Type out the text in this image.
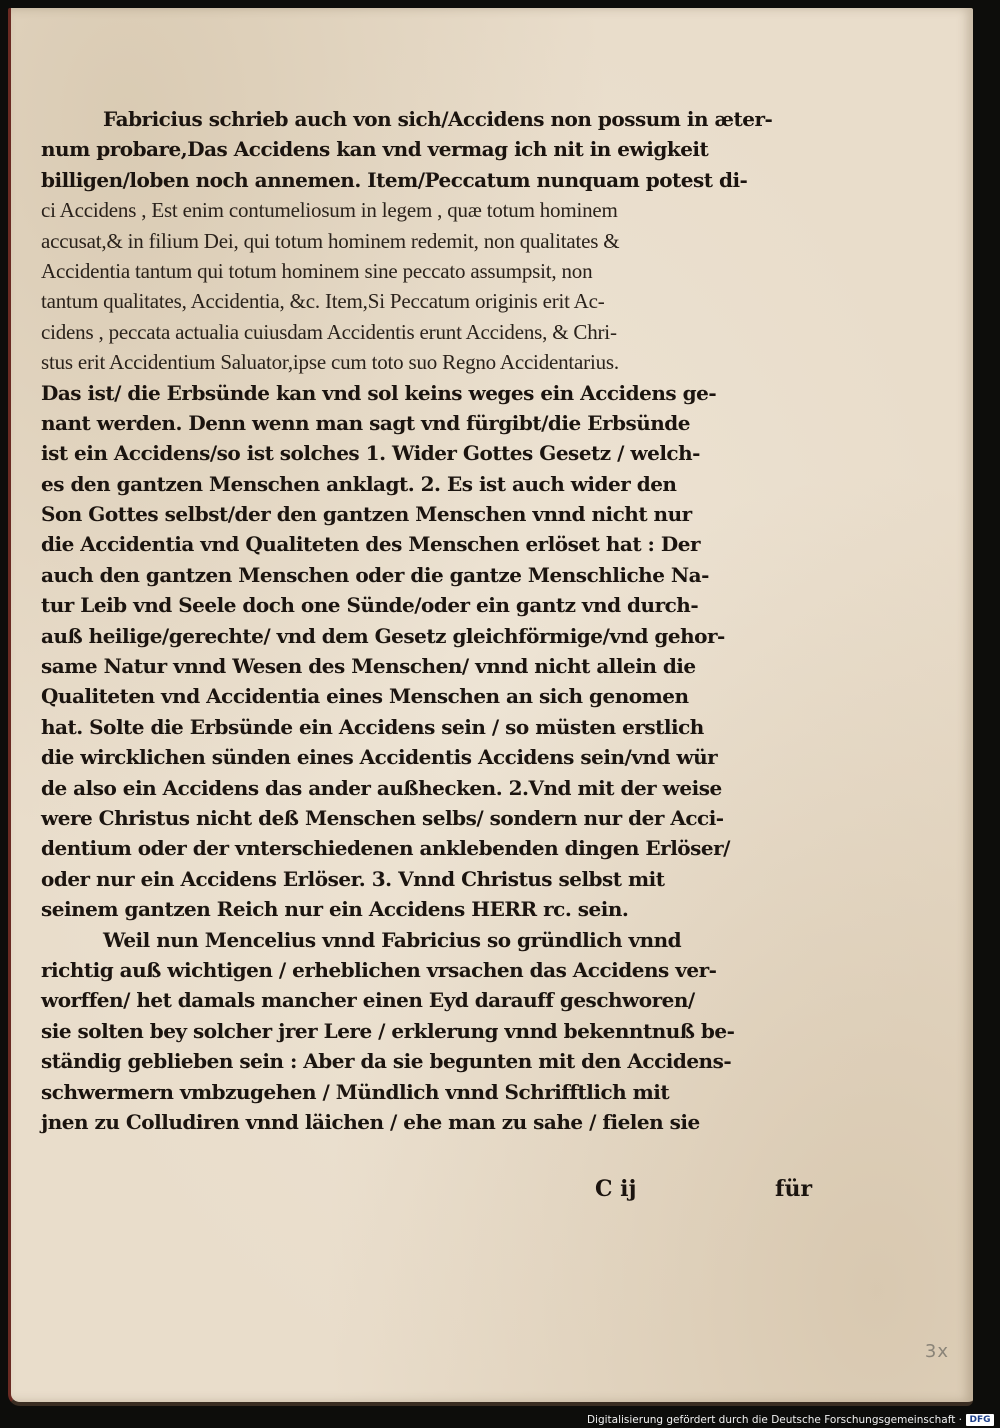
Fabricius schrieb auch von sich/Accidens non possum in æter-
num probare,Das Accidens kan vnd vermag ich nit in ewigkeit
billigen/loben noch annemen. Item/Peccatum nunquam potest di-
ci Accidens , Est enim contumeliosum in legem , quæ totum hominem
accusat,& in filium Dei, qui totum hominem redemit, non qualitates &
Accidentia tantum qui totum hominem sine peccato assumpsit, non
tantum qualitates, Accidentia, &c. Item,Si Peccatum originis erit Ac-
cidens , peccata actualia cuiusdam Accidentis erunt Accidens, & Chri-
stus erit Accidentium Saluator,ipse cum toto suo Regno Accidentarius.
Das ist/ die Erbsünde kan vnd sol keins weges ein Accidens ge-
nant werden. Denn wenn man sagt vnd fürgibt/die Erbsünde
ist ein Accidens/so ist solches 1. Wider Gottes Gesetz / welch-
es den gantzen Menschen anklagt. 2. Es ist auch wider den
Son Gottes selbst/der den gantzen Menschen vnnd nicht nur
die Accidentia vnd Qualiteten des Menschen erlöset hat : Der
auch den gantzen Menschen oder die gantze Menschliche Na-
tur Leib vnd Seele doch one Sünde/oder ein gantz vnd durch-
auß heilige/gerechte/ vnd dem Gesetz gleichförmige/vnd gehor-
same Natur vnnd Wesen des Menschen/ vnnd nicht allein die
Qualiteten vnd Accidentia eines Menschen an sich genomen
hat. Solte die Erbsünde ein Accidens sein / so müsten erstlich
die wircklichen sünden eines Accidentis Accidens sein/vnd wür
de also ein Accidens das ander außhecken. 2.Vnd mit der weise
were Christus nicht deß Menschen selbs/ sondern nur der Acci-
dentium oder der vnterschiedenen anklebenden dingen Erlöser/
oder nur ein Accidens Erlöser. 3. Vnnd Christus selbst mit
seinem gantzen Reich nur ein Accidens HERR rc. sein.
Weil nun Mencelius vnnd Fabricius so gründlich vnnd
richtig auß wichtigen / erheblichen vrsachen das Accidens ver-
worffen/ het damals mancher einen Eyd darauff geschworen/
sie solten bey solcher jrer Lere / erklerung vnnd bekenntnuß be-
ständig geblieben sein : Aber da sie begunten mit den Accidens-
schwermern vmbzugehen / Mündlich vnnd Schrifftlich mit
jnen zu Colludiren vnnd läichen / ehe man zu sahe / fielen sie
C ij	für
3x
Digitalisierung gefördert durch die Deutsche Forschungsgemeinschaft · DFG
